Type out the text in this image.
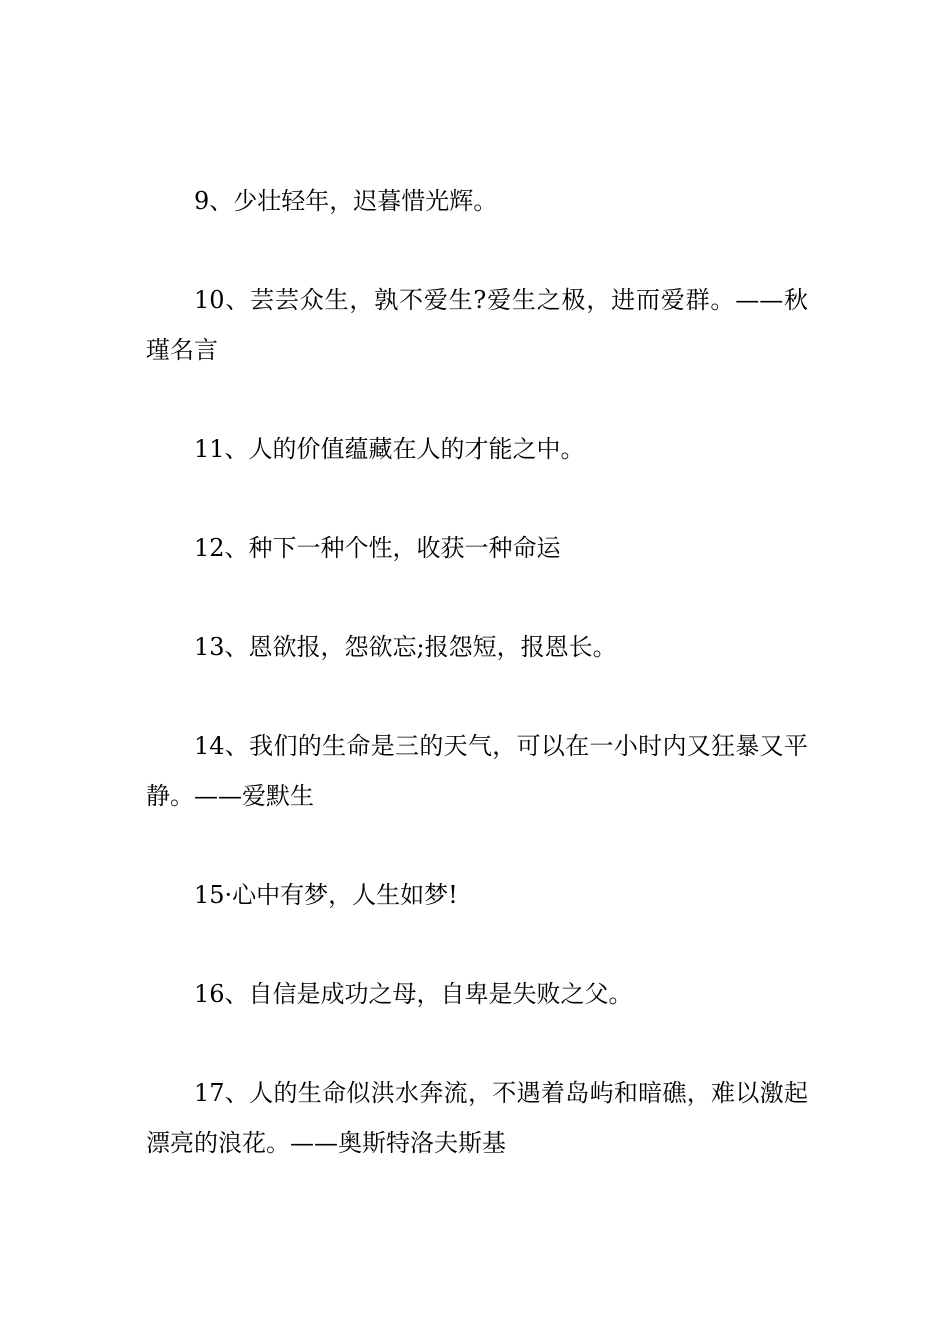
9、少壮轻年，迟暮惜光辉。

10、芸芸众生，孰不爱生?爱生之极，进而爱群。——秋瑾名言

11、人的价值蕴藏在人的才能之中。

12、种下一种个性，收获一种命运

13、恩欲报，怨欲忘;报怨短，报恩长。

14、我们的生命是三的天气，可以在一小时内又狂暴又平静。——爱默生

15·心中有梦，人生如梦!

16、自信是成功之母，自卑是失败之父。

17、人的生命似洪水奔流，不遇着岛屿和暗礁，难以激起漂亮的浪花。——奥斯特洛夫斯基
